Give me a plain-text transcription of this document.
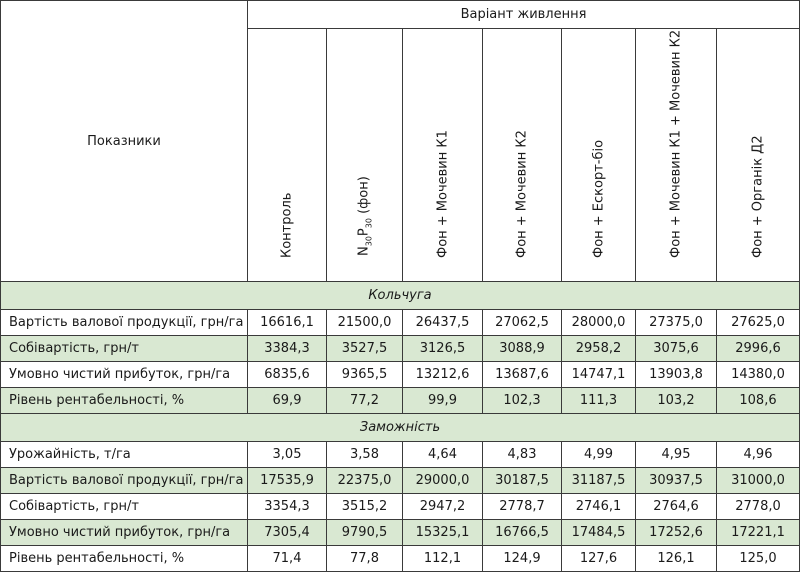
Показники	Варіант живлення						

	Контроль	$N_{30}P_{30}$ (фон)	Фон + Мочевин К1	Фон + Мочевин К2	Фон + Ескорт-біо	Фон + Мочевин К1 + Мочевин К2	Фон + Органік Д2

Кольчуга							
Вартість валової продукції, грн/га	16616,1	21500,0	26437,5	27062,5	28000,0	27375,0	27625,0
Собівартість, грн/т	3384,3	3527,5	3126,5	3088,9	2958,2	3075,6	2996,6
Умовно чистий прибуток, грн/га	6835,6	9365,5	13212,6	13687,6	14747,1	13903,8	14380,0
Рівень рентабельності, %	69,9	77,2	99,9	102,3	111,3	103,2	108,6
Заможність							
Урожайність, т/га	3,05	3,58	4,64	4,83	4,99	4,95	4,96
Вартість валової продукції, грн/га	17535,9	22375,0	29000,0	30187,5	31187,5	30937,5	31000,0
Собівартість, грн/т	3354,3	3515,2	2947,2	2778,7	2746,1	2764,6	2778,0
Умовно чистий прибуток, грн/га	7305,4	9790,5	15325,1	16766,5	17484,5	17252,6	17221,1
Рівень рентабельності, %	71,4	77,8	112,1	124,9	127,6	126,1	125,0
